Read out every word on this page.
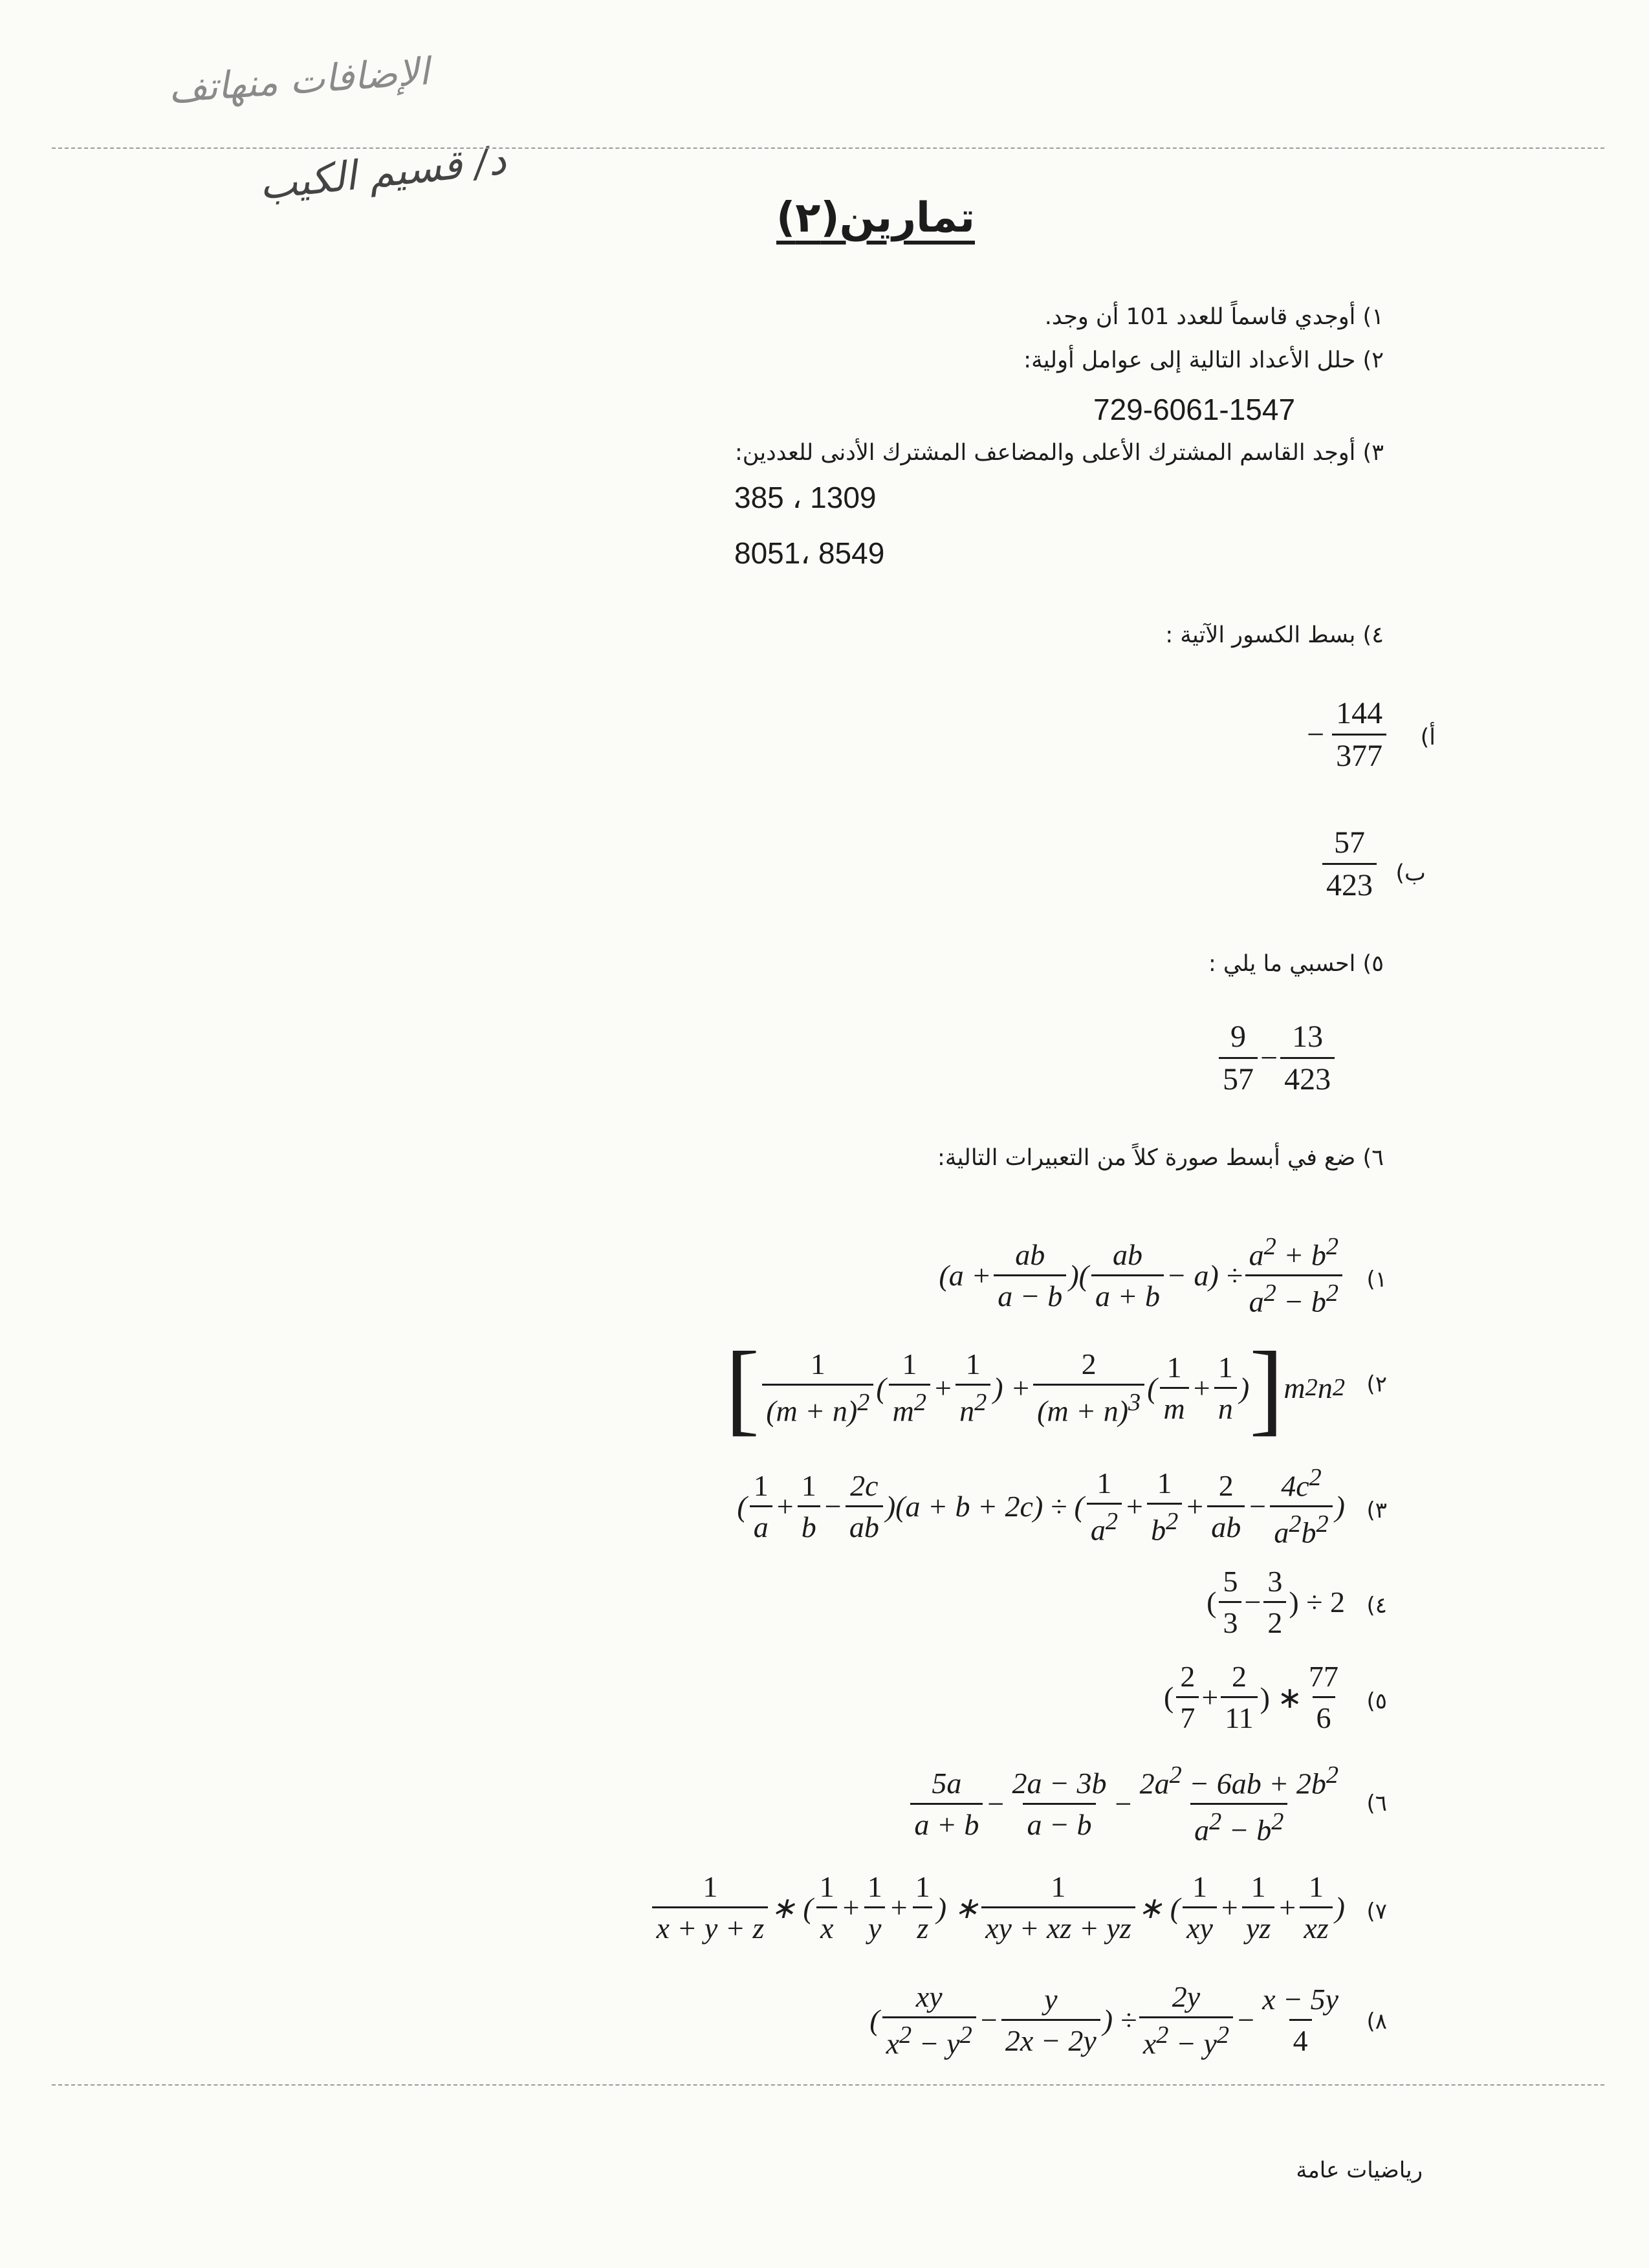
الإضافات منهاتف
د/ قسيم الكيب
تمارين(٢)
١) أوجدي قاسماً للعدد 101 أن وجد.
٢) حلل الأعداد التالية إلى عوامل أولية:
729-6061-1547
٣) أوجد القاسم المشترك الأعلى والمضاعف المشترك الأدنى للعددين:
385 ، 1309
8051، 8549
٤) بسط الكسور الآتية :
− $\frac{144}{377}$ أ)
$\frac{57}{423}$ ب)
٥) احسبي ما يلي :
$\frac{9}{57} - \frac{13}{423}$
٦) ضع في أبسط صورة كلاً من التعبيرات التالية:
١)
($a + \frac{ab}{a - b}$ )( $\frac{ab}{a + b} - a) \div \frac{a^2 + b^2}{a^2 - b^2}$
٢)
[ $\frac{1}{(m + n)^2}$ ( $\frac{1}{m^2} + \frac{1}{n^2}$ ) + $\frac{2}{(m + n)^3}$ ( $\frac{1}{m} + \frac{1}{n}$ ) ] m 2 n 2
٣)
( $\frac{1}{a} + \frac{1}{b} - \frac{2c}{ab} )(a + b + 2c)$ ÷ ( $\frac{1}{a^2} + \frac{1}{b^2} + \frac{2}{ab} - \frac{4c^2}{a^2b^2}$ )
٤)
( $\frac{5}{3} - \frac{3}{2}$ ) ÷ 2
٥)
( $\frac{2}{7} + \frac{2}{11}$ ) ∗ $\frac{77}{6}$
٦)
$\frac{5a}{a + b} - \frac{2a - 3b}{a - b} - \frac{2a^2 - 6ab + 2b^2}{a^2 - b^2}$
٧)
$\frac{1}{x + y + z}$ ∗ ( $\frac{1}{x} + \frac{1}{y} + \frac{1}{z}$ ) ∗ $\frac{1}{xy + xz + yz}$ ∗ ( $\frac{1}{xy} + \frac{1}{yz} + \frac{1}{xz}$ )
٨)
( $\frac{xy}{x^2 - y^2} - \frac{y}{2x - 2y}$ ) ÷ $\frac{2y}{x^2 - y^2} - \frac{x - 5y}{4}$
رياضيات عامة
